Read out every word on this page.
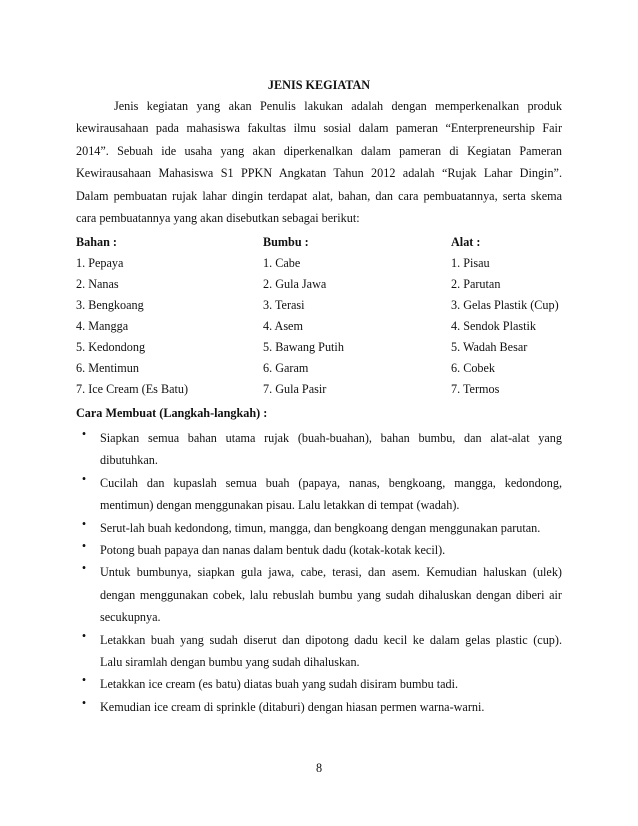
JENIS KEGIATAN
Jenis kegiatan yang akan Penulis lakukan adalah dengan memperkenalkan produk
kewirausahaan pada mahasiswa fakultas ilmu sosial dalam pameran “Enterpreneurship Fair
2014”. Sebuah ide usaha yang akan diperkenalkan dalam pameran di Kegiatan Pameran
Kewirausahaan Mahasiswa S1 PPKN Angkatan Tahun 2012 adalah “Rujak Lahar Dingin”.
Dalam pembuatan rujak lahar dingin terdapat alat, bahan, dan cara pembuatannya, serta skema
cara pembuatannya yang akan disebutkan sebagai berikut:
Bahan :	Bumbu :	Alat :
1. Pepaya	1. Cabe	1. Pisau
2. Nanas	2. Gula Jawa	2. Parutan
3. Bengkoang	3. Terasi	3. Gelas Plastik (Cup)
4. Mangga	4. Asem	4. Sendok Plastik
5. Kedondong	5. Bawang Putih	5. Wadah Besar
6. Mentimun	6. Garam	6. Cobek
7. Ice Cream (Es Batu)	7. Gula Pasir	7. Termos
Cara Membuat (Langkah-langkah) :
•	Siapkan semua bahan utama rujak (buah-buahan), bahan bumbu, dan alat-alat yang
dibutuhkan.
•	Cucilah dan kupaslah semua buah (papaya, nanas, bengkoang, mangga, kedondong,
mentimun) dengan menggunakan pisau. Lalu letakkan di tempat (wadah).
•	Serut-lah buah kedondong, timun, mangga, dan bengkoang dengan menggunakan parutan.
•	Potong buah papaya dan nanas dalam bentuk dadu (kotak-kotak kecil).
•	Untuk bumbunya, siapkan gula jawa, cabe, terasi, dan asem. Kemudian haluskan (ulek)
dengan menggunakan cobek, lalu rebuslah bumbu yang sudah dihaluskan dengan diberi air
secukupnya.
•	Letakkan buah yang sudah diserut dan dipotong dadu kecil ke dalam gelas plastic (cup).
Lalu siramlah dengan bumbu yang sudah dihaluskan.
•	Letakkan ice cream (es batu) diatas buah yang sudah disiram bumbu tadi.
•	Kemudian ice cream di sprinkle (ditaburi) dengan hiasan permen warna-warni.
8
